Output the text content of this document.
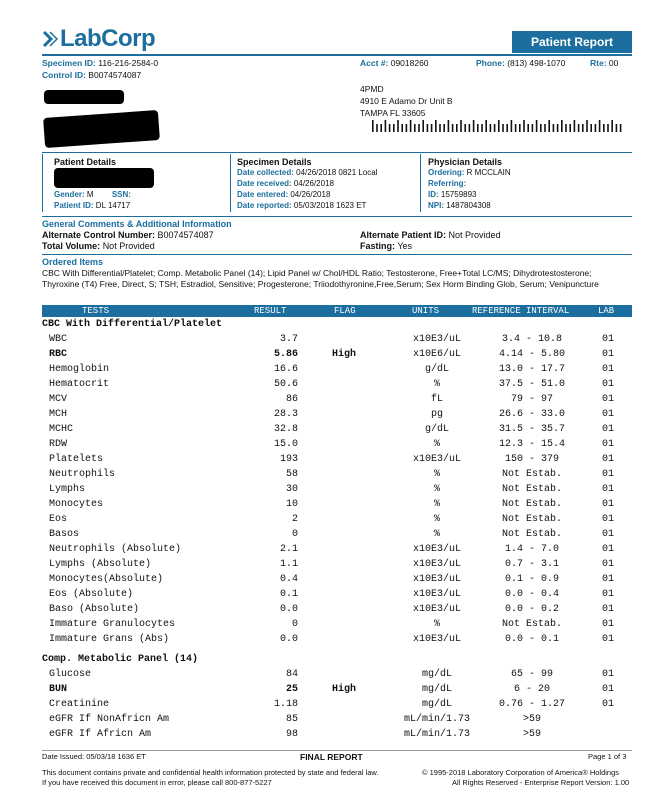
LabCorp	Patient Report
Specimen ID: 116-216-2584-0
Control ID: B0074574087
Acct #: 09018260	Phone: (813) 498-1070	Rte: 00
4PMD
4910 E Adamo Dr Unit B
TAMPA FL 33605
Patient Details
Gender: M SSN:
Patient ID: DL 14717
Specimen Details
Date collected: 04/26/2018 0821 Local
Date received: 04/26/2018
Date entered: 04/26/2018
Date reported: 05/03/2018 1623 ET
Physician Details
Ordering: R MCCLAIN
Referring:
ID: 15759893
NPI: 1487804308
General Comments & Additional Information
Alternate Control Number: B0074574087	Alternate Patient ID: Not Provided
Total Volume: Not Provided	Fasting: Yes
Ordered Items
CBC With Differential/Platelet; Comp. Metabolic Panel (14); Lipid Panel w/ Chol/HDL Ratio; Testosterone, Free+Total LC/MS; Dihydrotestosterone; Thyroxine (T4) Free, Direct, S; TSH; Estradiol, Sensitive; Progesterone; Triiodothyronine,Free,Serum; Sex Horm Binding Glob, Serum; Venipuncture
TESTS	RESULT	FLAG	UNITS	REFERENCE INTERVAL	LAB
CBC With Differential/Platelet
WBC	3.7	x10E3/uL	3.4 - 10.8	01
RBC	5.86	High	x10E6/uL	4.14 - 5.80	01
Hemoglobin	16.6	g/dL	13.0 - 17.7	01
Hematocrit	50.6	%	37.5 - 51.0	01
MCV	86	fL	79 - 97	01
MCH	28.3	pg	26.6 - 33.0	01
MCHC	32.8	g/dL	31.5 - 35.7	01
RDW	15.0	%	12.3 - 15.4	01
Platelets	193	x10E3/uL	150 - 379	01
Neutrophils	58	%	Not Estab.	01
Lymphs	30	%	Not Estab.	01
Monocytes	10	%	Not Estab.	01
Eos	2	%	Not Estab.	01
Basos	0	%	Not Estab.	01
Neutrophils (Absolute)	2.1	x10E3/uL	1.4 - 7.0	01
Lymphs (Absolute)	1.1	x10E3/uL	0.7 - 3.1	01
Monocytes(Absolute)	0.4	x10E3/uL	0.1 - 0.9	01
Eos (Absolute)	0.1	x10E3/uL	0.0 - 0.4	01
Baso (Absolute)	0.0	x10E3/uL	0.0 - 0.2	01
Immature Granulocytes	0	%	Not Estab.	01
Immature Grans (Abs)	0.0	x10E3/uL	0.0 - 0.1	01
Comp. Metabolic Panel (14)
Glucose	84	mg/dL	65 - 99	01
BUN	25	High	mg/dL	6 - 20	01
Creatinine	1.18	mg/dL	0.76 - 1.27	01
eGFR If NonAfricn Am	85	mL/min/1.73	>59
eGFR If Africn Am	98	mL/min/1.73	>59
Date Issued: 05/03/18 1636 ET	FINAL REPORT	Page 1 of 3
This document contains private and confidential health information protected by state and federal law.
If you have received this document in error, please call 800-877-5227
© 1995-2018 Laboratory Corporation of America® Holdings
All Rights Reserved - Enterprise Report Version: 1.00
